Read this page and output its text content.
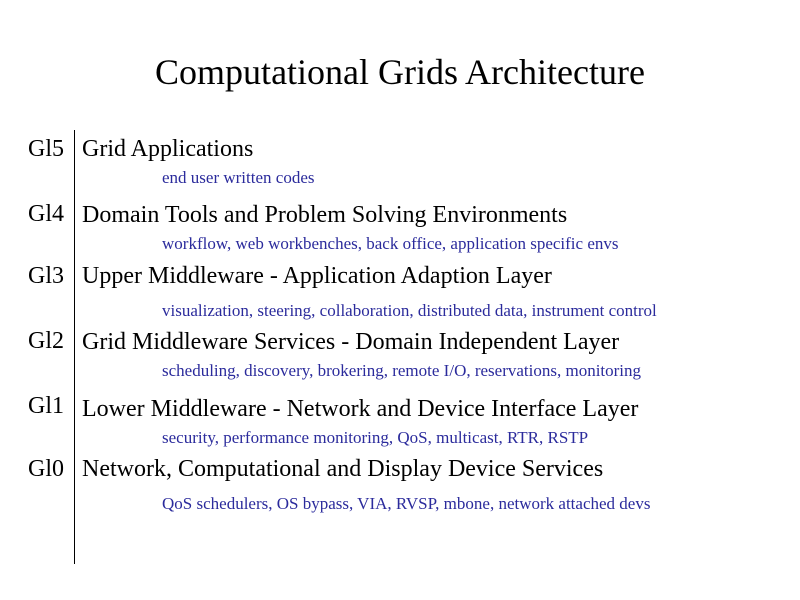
Computational Grids Architecture
Gl5 Grid Applications
end user written codes
Gl4 Domain Tools and Problem Solving Environments
workflow, web workbenches, back office, application specific envs
Gl3 Upper Middleware - Application Adaption Layer
visualization, steering, collaboration, distributed data, instrument control
Gl2 Grid Middleware Services - Domain Independent Layer
scheduling, discovery, brokering, remote I/O, reservations, monitoring
Gl1 Lower Middleware - Network and Device Interface Layer
security, performance monitoring, QoS, multicast, RTR, RSTP
Gl0 Network, Computational and Display Device Services
QoS schedulers, OS bypass, VIA, RVSP, mbone, network attached devs
